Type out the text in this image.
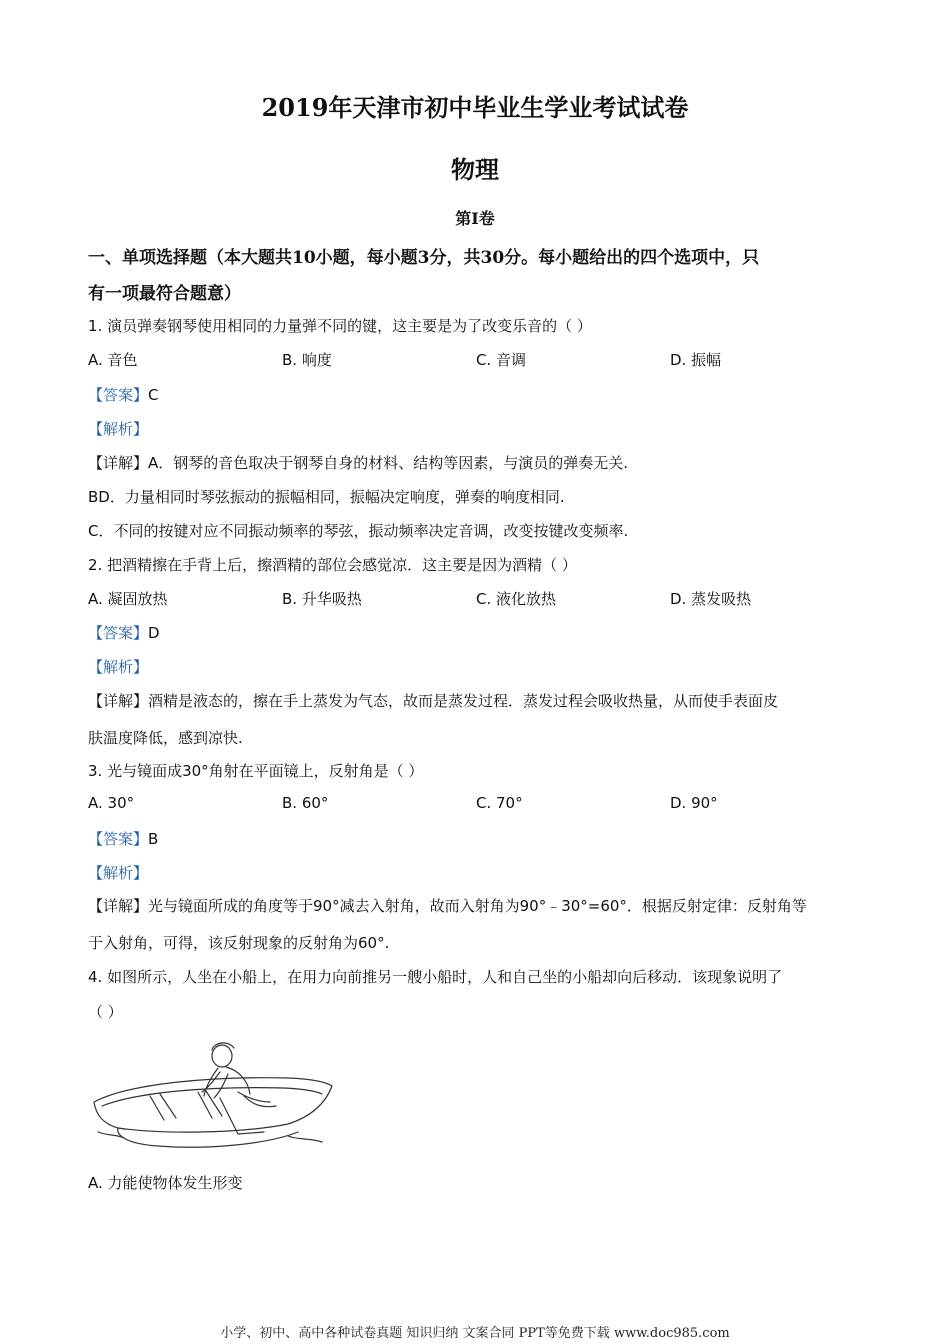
2019年天津市初中毕业生学业考试试卷
物理
第I卷
一、单项选择题（本大题共10小题，每小题3分，共30分。每小题给出的四个选项中，只
有一项最符合题意）
1. 演员弹奏钢琴使用相同的力量弹不同的键，这主要是为了改变乐音的（ ）
A. 音色	B. 响度	C. 音调	D. 振幅
【答案】C
【解析】
【详解】A．钢琴的音色取决于钢琴自身的材料、结构等因素，与演员的弹奏无关.
BD．力量相同时琴弦振动的振幅相同，振幅决定响度，弹奏的响度相同.
C．不同的按键对应不同振动频率的琴弦，振动频率决定音调，改变按键改变频率.
2. 把酒精擦在手背上后，擦酒精的部位会感觉凉．这主要是因为酒精（ ）
A. 凝固放热	B. 升华吸热	C. 液化放热	D. 蒸发吸热
【答案】D
【解析】
【详解】酒精是液态的，擦在手上蒸发为气态，故而是蒸发过程．蒸发过程会吸收热量，从而使手表面皮
肤温度降低，感到凉快.
3. 光与镜面成30°角射在平面镜上，反射角是（ ）
A. 30°	B. 60°	C. 70°	D. 90°
【答案】B
【解析】
【详解】光与镜面所成的角度等于90°减去入射角，故而入射角为90°﹣30°=60°．根据反射定律：反射角等
于入射角，可得，该反射现象的反射角为60°.
4. 如图所示，人坐在小船上，在用力向前推另一艘小船时，人和自己坐的小船却向后移动．该现象说明了
（ ）
A. 力能使物体发生形变
小学、初中、高中各种试卷真题 知识归纳 文案合同 PPT等免费下载 www.doc985.com
